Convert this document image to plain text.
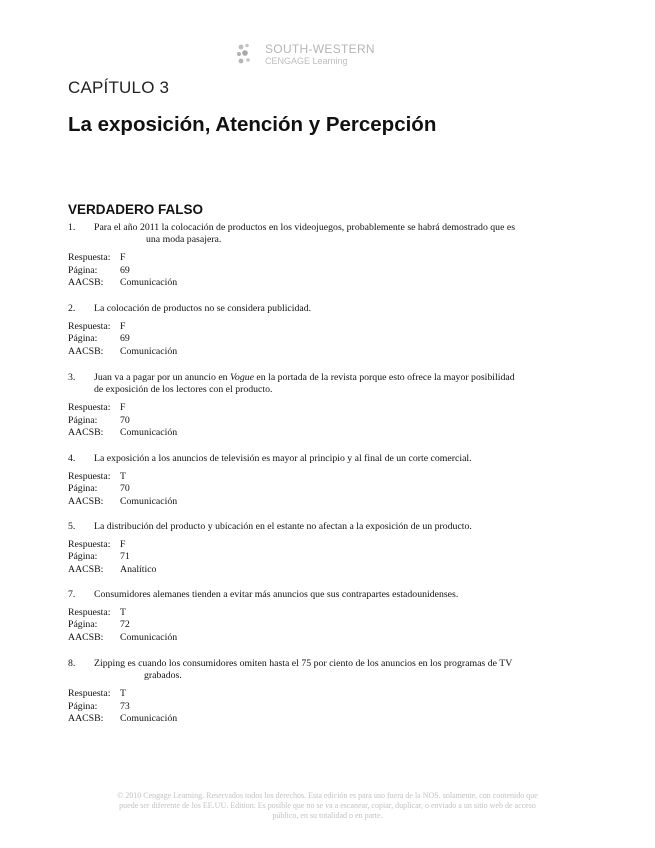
SOUTH-WESTERN
CENGAGE Learning
CAPÍTULO 3
La exposición, Atención y Percepción
VERDADERO FALSO
1.	Para el año 2011 la colocación de productos en los videojuegos, probablemente se habrá demostrado que es
una moda pasajera.
Respuesta: F
Página:	69
AACSB:	Comunicación
2.	La colocación de productos no se considera publicidad.
Respuesta: F
Página:	69
AACSB:	Comunicación
3.	Juan va a pagar por un anuncio en Vogue en la portada de la revista porque esto ofrece la mayor posibilidad
de exposición de los lectores con el producto.
Respuesta: F
Página:	70
AACSB:	Comunicación
4.	La exposición a los anuncios de televisión es mayor al principio y al final de un corte comercial.
Respuesta: T
Página:	70
AACSB:	Comunicación
5.	La distribución del producto y ubicación en el estante no afectan a la exposición de un producto.
Respuesta: F
Página:	71
AACSB:	Analítico
7.	Consumidores alemanes tienden a evitar más anuncios que sus contrapartes estadounidenses.
Respuesta: T
Página:	72
AACSB:	Comunicación
8.	Zipping es cuando los consumidores omiten hasta el 75 por ciento de los anuncios en los programas de TV
grabados.
Respuesta: T
Página:	73
AACSB:	Comunicación
© 2010 Cengage Learning. Reservados todos los derechos. Esta edición es para uso fuera de la NOS. solamente, con contenido que
puede ser diferente de los EE.UU. Edition. Es posible que no se va a escanear, copiar, duplicar, o enviado a un sitio web de acceso
público, en su totalidad o en parte.
